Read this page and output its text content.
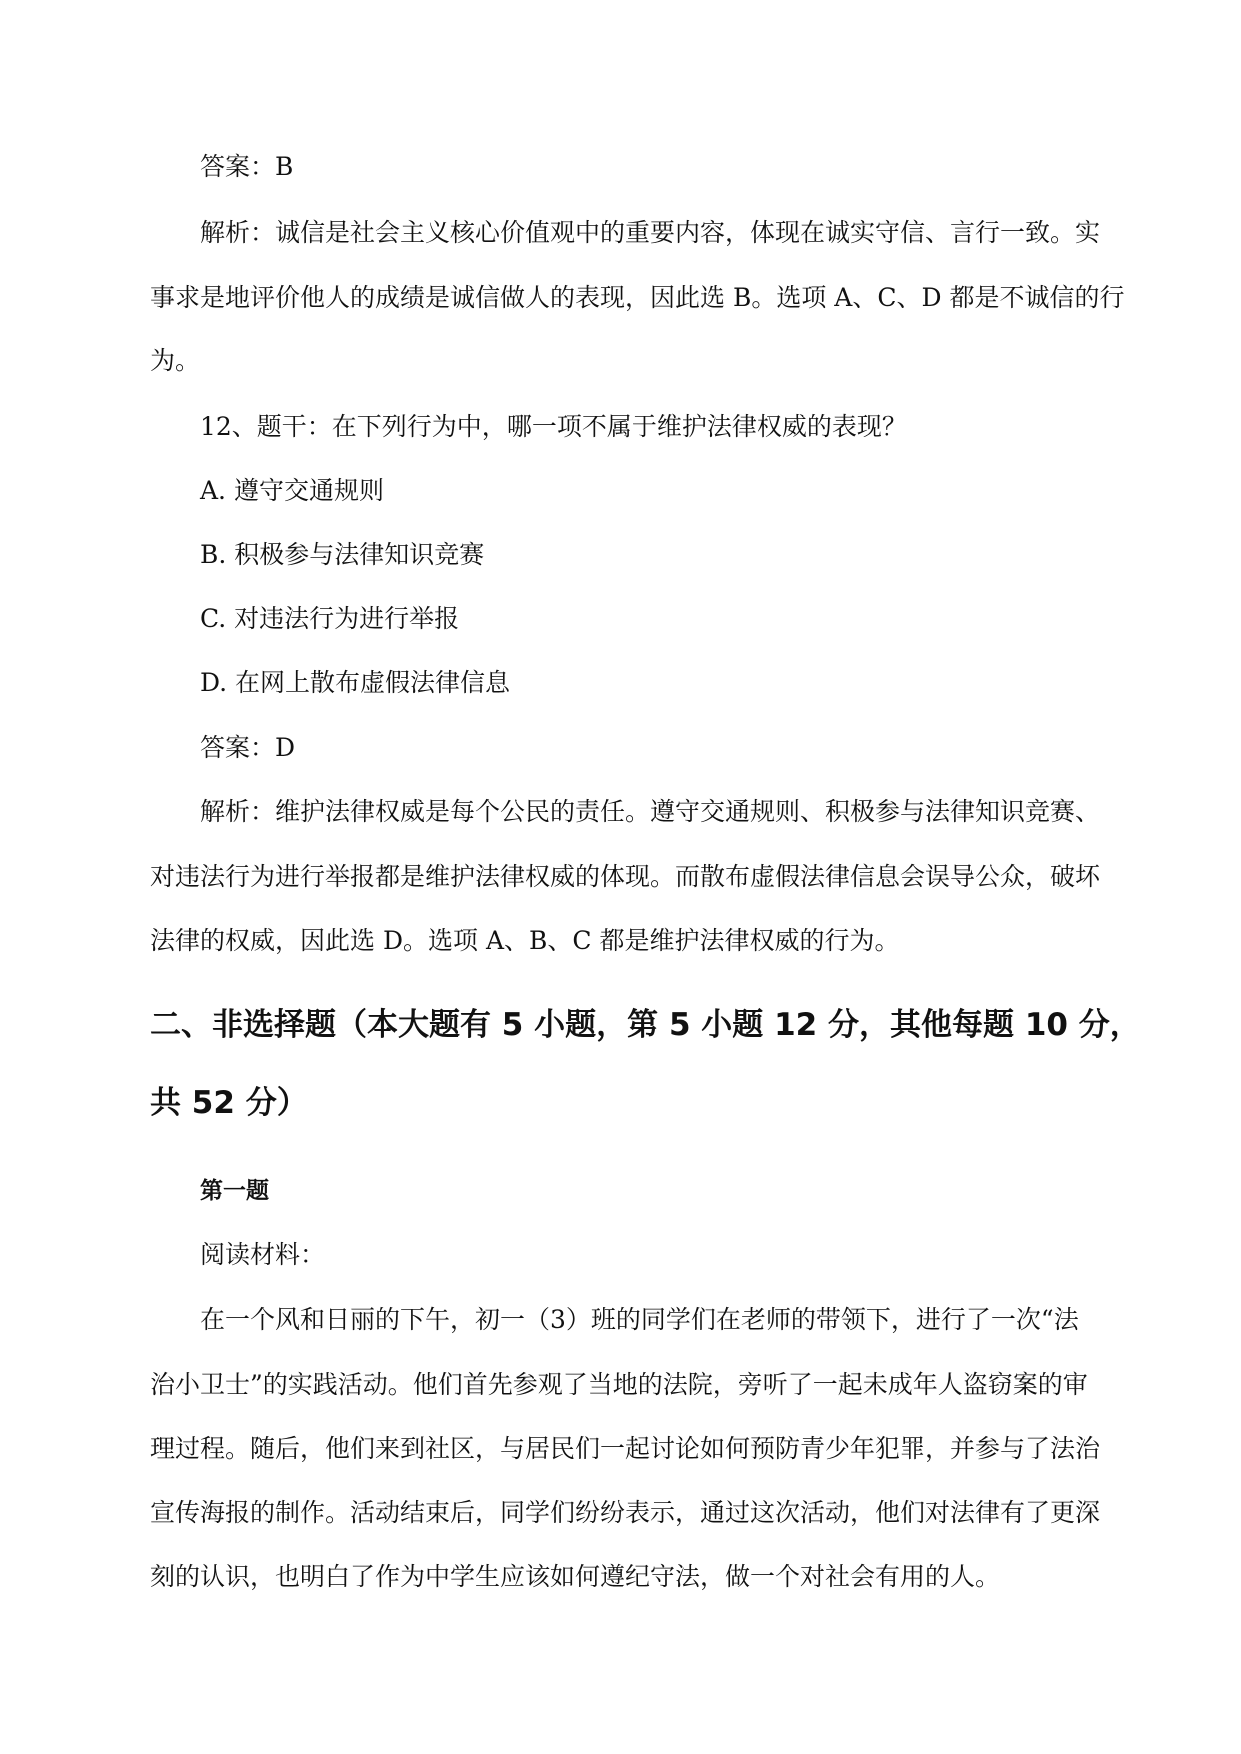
答案：B
解析：诚信是社会主义核心价值观中的重要内容，体现在诚实守信、言行一致。实
事求是地评价他人的成绩是诚信做人的表现，因此选 B。选项 A、C、D 都是不诚信的行
为。
12、题干：在下列行为中，哪一项不属于维护法律权威的表现？
A. 遵守交通规则
B. 积极参与法律知识竞赛
C. 对违法行为进行举报
D. 在网上散布虚假法律信息
答案：D
解析：维护法律权威是每个公民的责任。遵守交通规则、积极参与法律知识竞赛、
对违法行为进行举报都是维护法律权威的体现。而散布虚假法律信息会误导公众，破坏
法律的权威，因此选 D。选项 A、B、C 都是维护法律权威的行为。
二、非选择题（本大题有 5 小题，第 5 小题 12 分，其他每题 10 分，
共 52 分）
第一题
阅读材料：
在一个风和日丽的下午，初一（3）班的同学们在老师的带领下，进行了一次“法
治小卫士”的实践活动。他们首先参观了当地的法院，旁听了一起未成年人盗窃案的审
理过程。随后，他们来到社区，与居民们一起讨论如何预防青少年犯罪，并参与了法治
宣传海报的制作。活动结束后，同学们纷纷表示，通过这次活动，他们对法律有了更深
刻的认识，也明白了作为中学生应该如何遵纪守法，做一个对社会有用的人。
